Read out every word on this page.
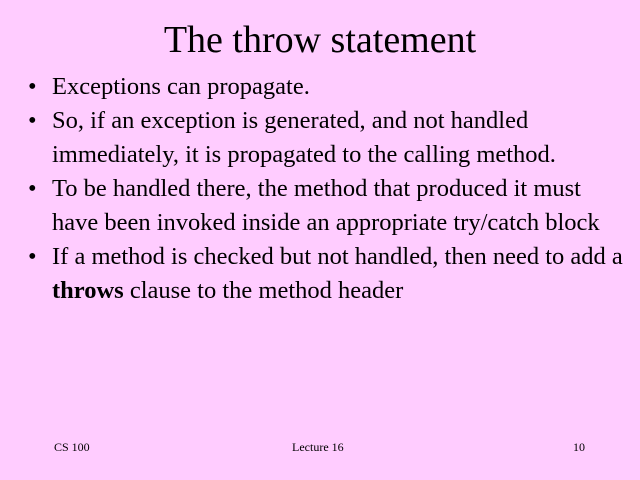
The throw statement
• Exceptions can propagate.
• So, if an exception is generated, and not handled immediately, it is propagated to the calling method.
• To be handled there, the method that produced it must have been invoked inside an appropriate try/catch block
• If a method is checked but not handled, then need to add a throws clause to the method header
CS 100	Lecture 16	10
